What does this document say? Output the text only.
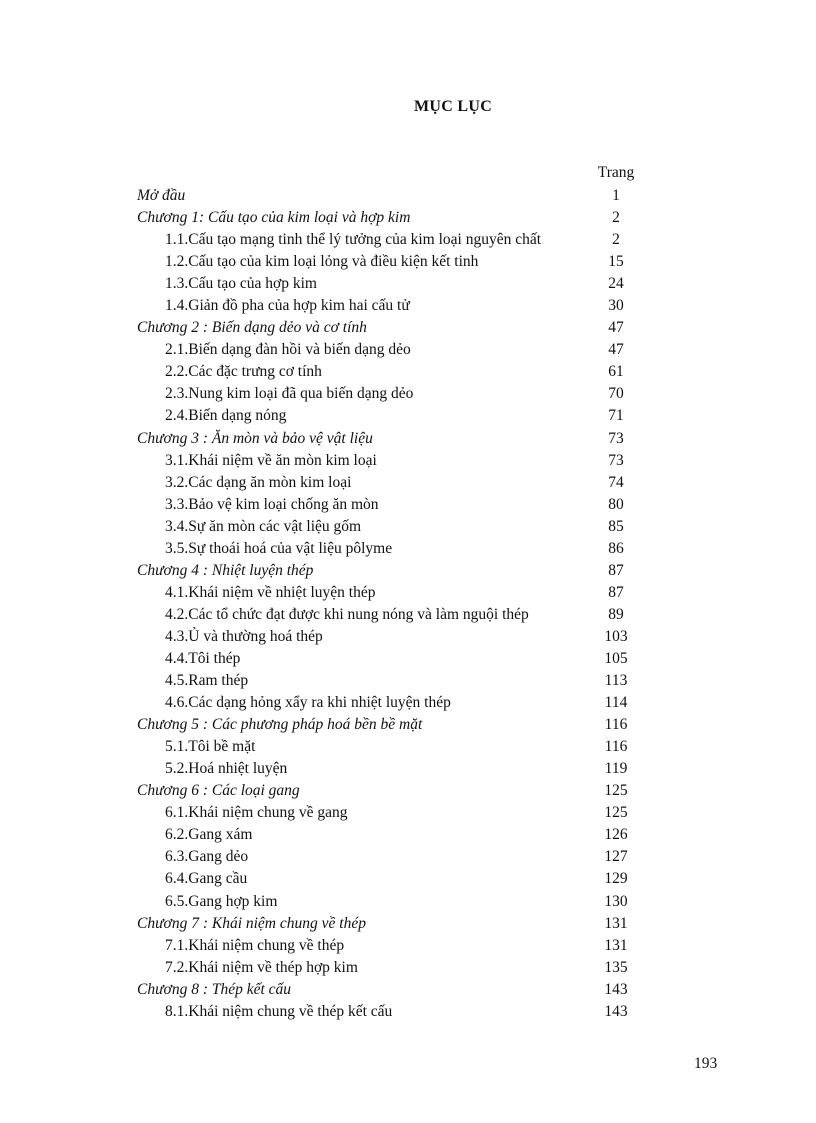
MỤC LỤC
Trang
Mở đầu	1
Chương 1: Cấu tạo của kim loại và hợp kim	2
1.1.Cấu tạo mạng tinh thể lý tưởng của kim loại nguyên chất	2
1.2.Cấu tạo của kim loại lỏng và điều kiện kết tinh	15
1.3.Cấu tạo của hợp kim	24
1.4.Giản đồ pha của hợp kim hai cấu tử	30
Chương 2 : Biến dạng dẻo và cơ tính	47
2.1.Biến dạng đàn hồi và biến dạng dẻo	47
2.2.Các đặc trưng cơ tính	61
2.3.Nung kim loại đã qua biến dạng dẻo	70
2.4.Biến dạng nóng	71
Chương 3 : Ăn mòn và bảo vệ vật liệu	73
3.1.Khái niệm về ăn mòn kim loại	73
3.2.Các dạng ăn mòn kim loại	74
3.3.Bảo vệ kim loại chống ăn mòn	80
3.4.Sự ăn mòn các vật liệu gốm	85
3.5.Sự thoái hoá của vật liệu pôlyme	86
Chương 4 : Nhiệt luyện thép	87
4.1.Khái niệm về nhiệt luyện thép	87
4.2.Các tổ chức đạt được khi nung nóng và làm nguội thép	89
4.3.Ủ và thường hoá thép	103
4.4.Tôi thép	105
4.5.Ram thép	113
4.6.Các dạng hỏng xẩy ra khi nhiệt luyện thép	114
Chương 5 : Các phương pháp hoá bền bề mặt	116
5.1.Tôi bề mặt	116
5.2.Hoá nhiệt luyện	119
Chương 6 : Các loại gang	125
6.1.Khái niệm chung về gang	125
6.2.Gang xám	126
6.3.Gang dẻo	127
6.4.Gang cầu	129
6.5.Gang hợp kim	130
Chương 7 : Khái niệm chung về thép	131
7.1.Khái niệm chung về thép	131
7.2.Khái niệm về thép hợp kim	135
Chương 8 : Thép kết cấu	143
8.1.Khái niệm chung về thép kết cấu	143
193
